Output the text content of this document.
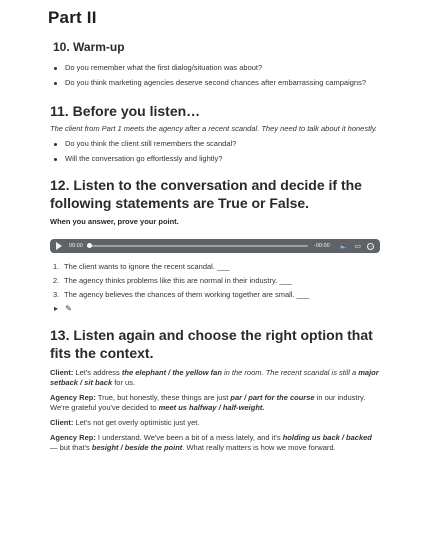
Part II
10. Warm-up
Do you remember what the first dialog/situation was about?
Do you think marketing agencies deserve second chances after embarrassing campaigns?
11. Before you listen…

The client from Part 1 meets the agency after a recent scandal. They need to talk about it honestly.

Do you think the client still remembers the scandal?
Will the conversation go effortlessly and lightly?
12. Listen to the conversation and decide if the following statements are True or False.
When you answer, prove your point.
00:00	-00:00 🔈 ▭ ⋯
1. The client wants to ignore the recent scandal. ___
2. The agency thinks problems like this are normal in their industry. ___
3. The agency believes the chances of them working together are small. ___
▸ ✎
13. Listen again and choose the right option that fits the context.

Client: Let's address the elephant / the yellow fan in the room. The recent scandal is still a major setback / sit back for us.

Agency Rep: True, but honestly, these things are just par / part for the course in our industry. We're grateful you've decided to meet us halfway / half-weight.

Client: Let's not get overly optimistic just yet.

Agency Rep: I understand. We've been a bit of a mess lately, and it's holding us back / backed — but that's besight / beside the point. What really matters is how we move forward.
